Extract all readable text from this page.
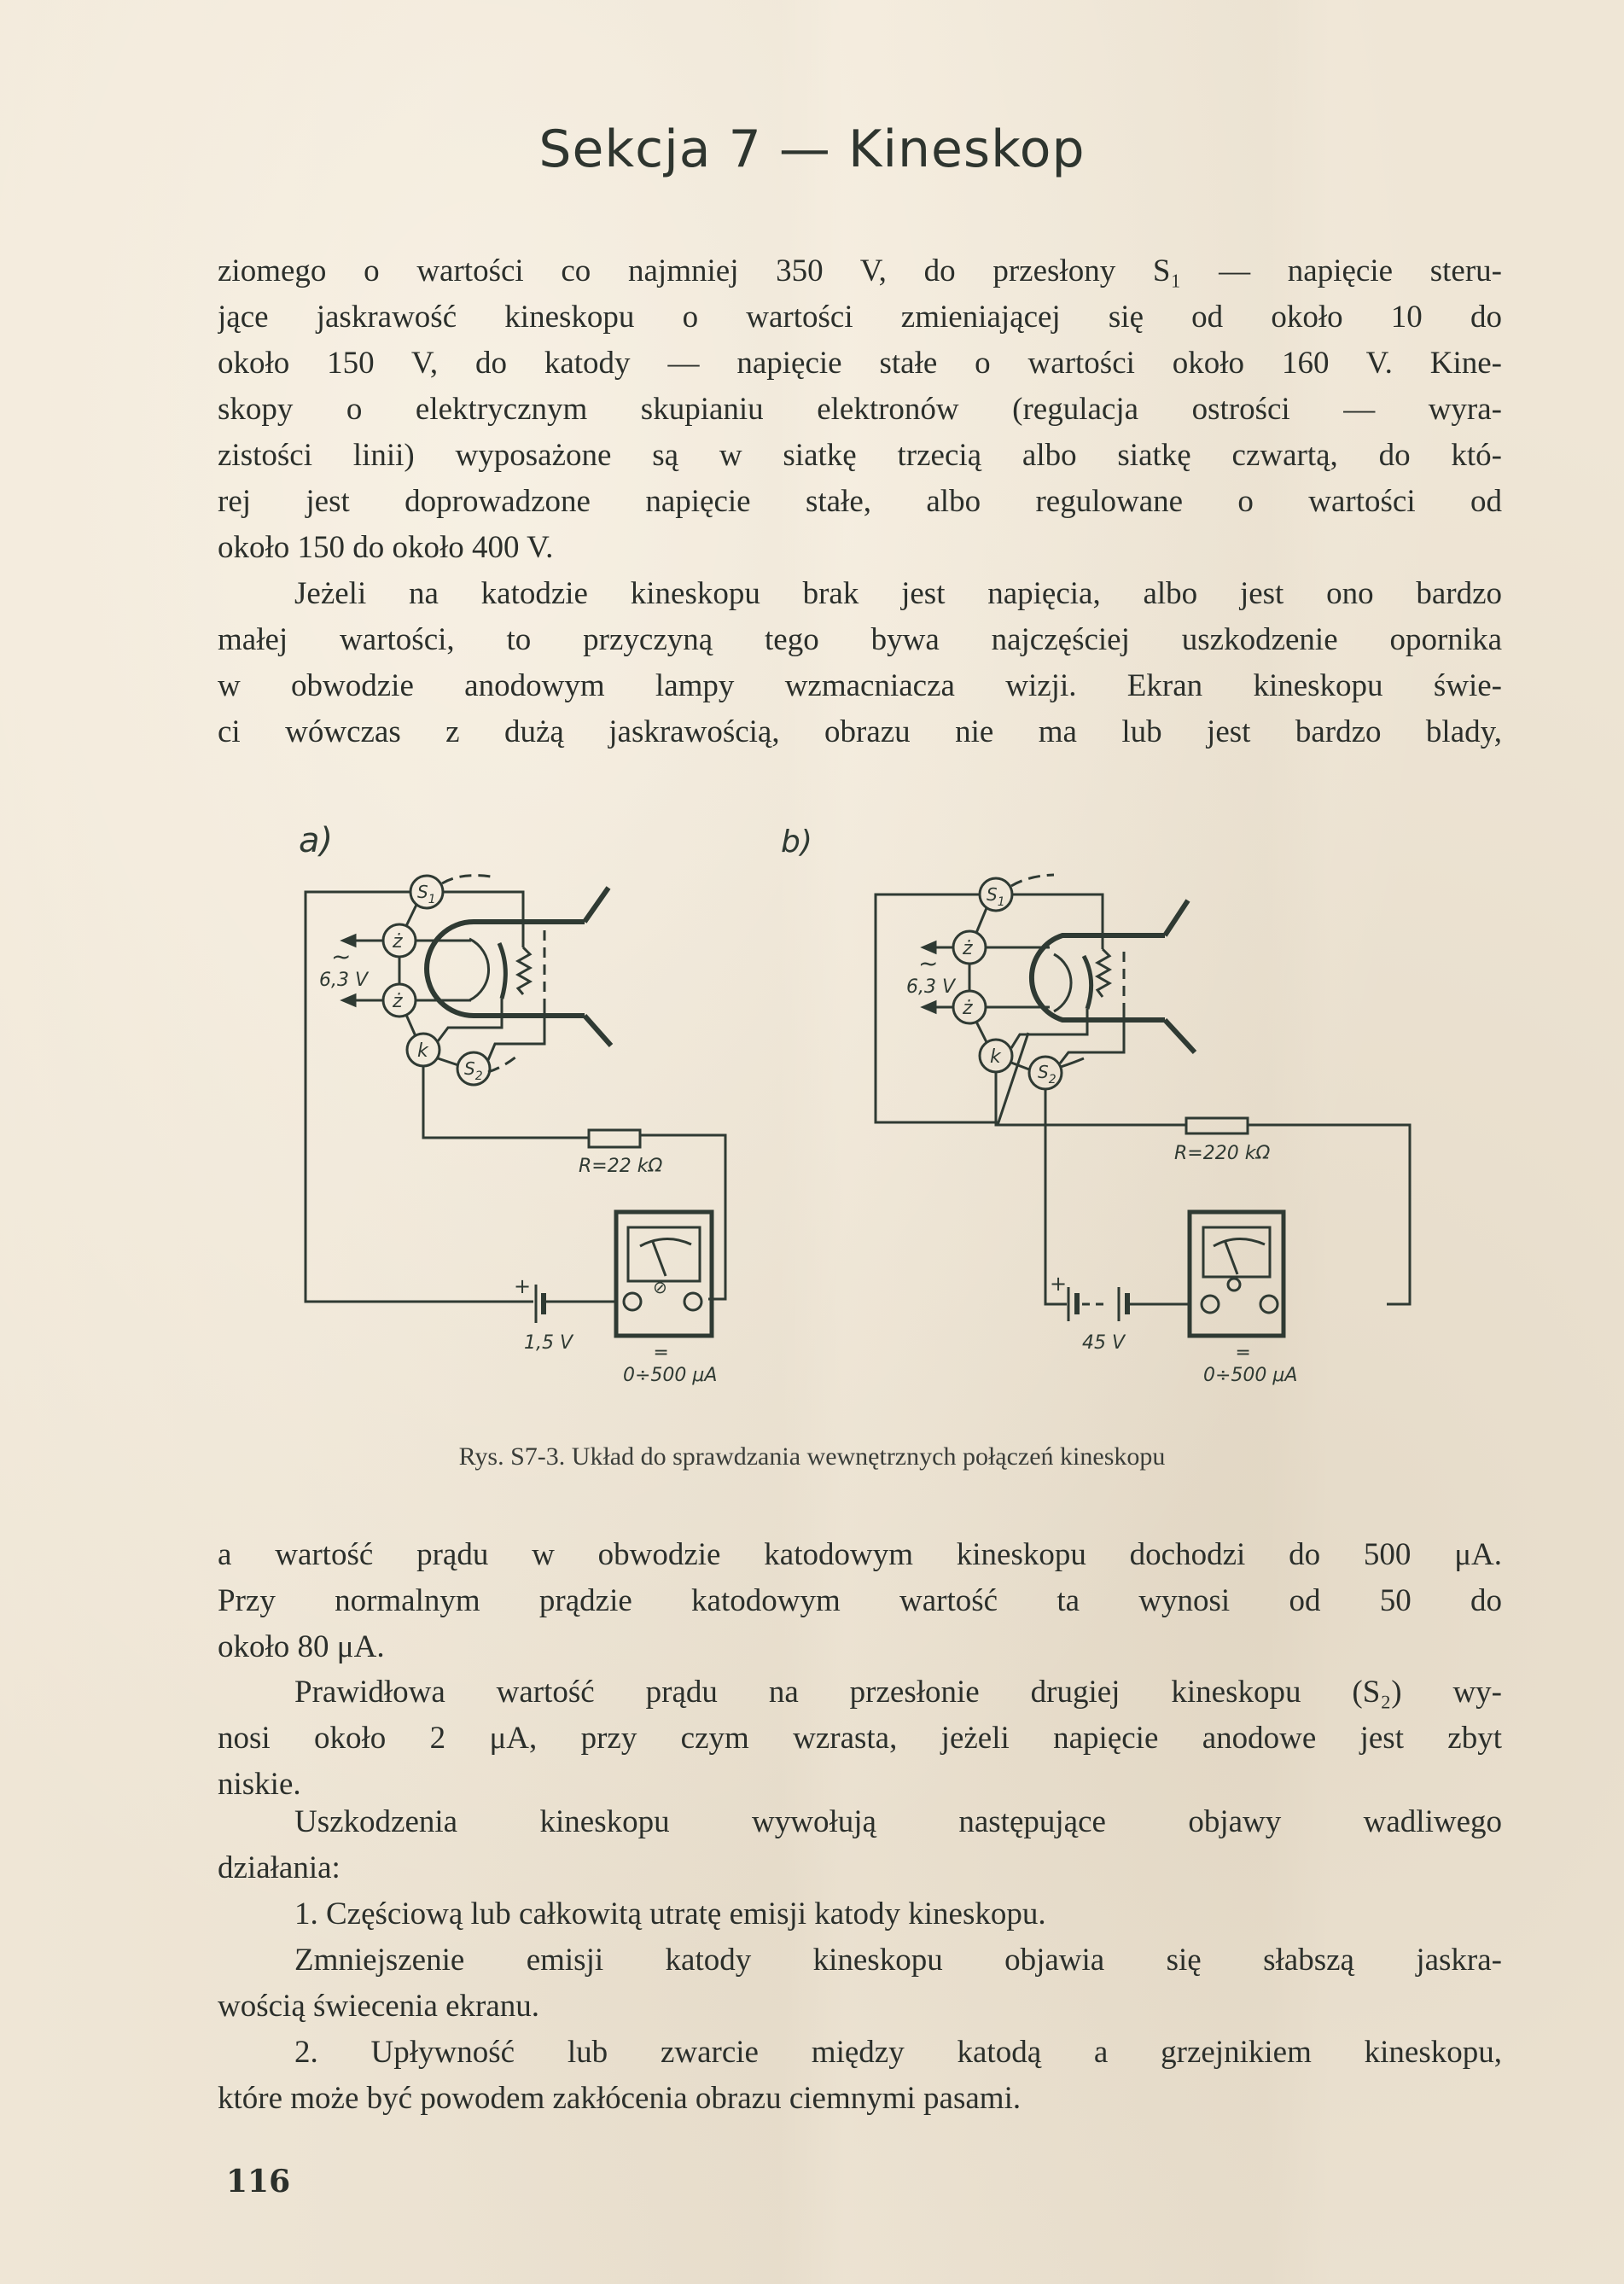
Sekcja 7 — Kineskop
ziomego o wartości co najmniej 350 V, do przesłony S₁ — napięcie steru-
jące jaskrawość kineskopu o wartości zmieniającej się od około 10 do
około 150 V, do katody — napięcie stałe o wartości około 160 V. Kine-
skopy o elektrycznym skupianiu elektronów (regulacja ostrości — wyra-
zistości linii) wyposażone są w siatkę trzecią albo siatkę czwartą, do któ-
rej jest doprowadzone napięcie stałe, albo regulowane o wartości od
około 150 do około 400 V.
Jeżeli na katodzie kineskopu brak jest napięcia, albo jest ono bardzo
małej wartości, to przyczyną tego bywa najczęściej uszkodzenie opornika
w obwodzie anodowym lampy wzmacniacza wizji. Ekran kineskopu świe-
ci wówczas z dużą jaskrawością, obrazu nie ma lub jest bardzo blady,
a)
$S_1$
ż
ż
k
$S_2$
~
6,3 V
R=22 kΩ
+
1,5 V
⊘
═
0÷500 μA
b)
$S_1$
ż
ż
k
$S_2$
~
6,3 V
R=220 kΩ
+
45 V	═
0÷500 μA
Rys. S7-3. Układ do sprawdzania wewnętrznych połączeń kineskopu
a wartość prądu w obwodzie katodowym kineskopu dochodzi do 500 μA.
Przy normalnym prądzie katodowym wartość ta wynosi od 50 do
około 80 μA.
Prawidłowa wartość prądu na przesłonie drugiej kineskopu (S₂) wy-
nosi około 2 μA, przy czym wzrasta, jeżeli napięcie anodowe jest zbyt
niskie.
Uszkodzenia kineskopu wywołują następujące objawy wadliwego
działania:
1. Częściową lub całkowitą utratę emisji katody kineskopu.
Zmniejszenie emisji katody kineskopu objawia się słabszą jaskra-
wością świecenia ekranu.
2. Upływność lub zwarcie między katodą a grzejnikiem kineskopu,
które może być powodem zakłócenia obrazu ciemnymi pasami.
116
